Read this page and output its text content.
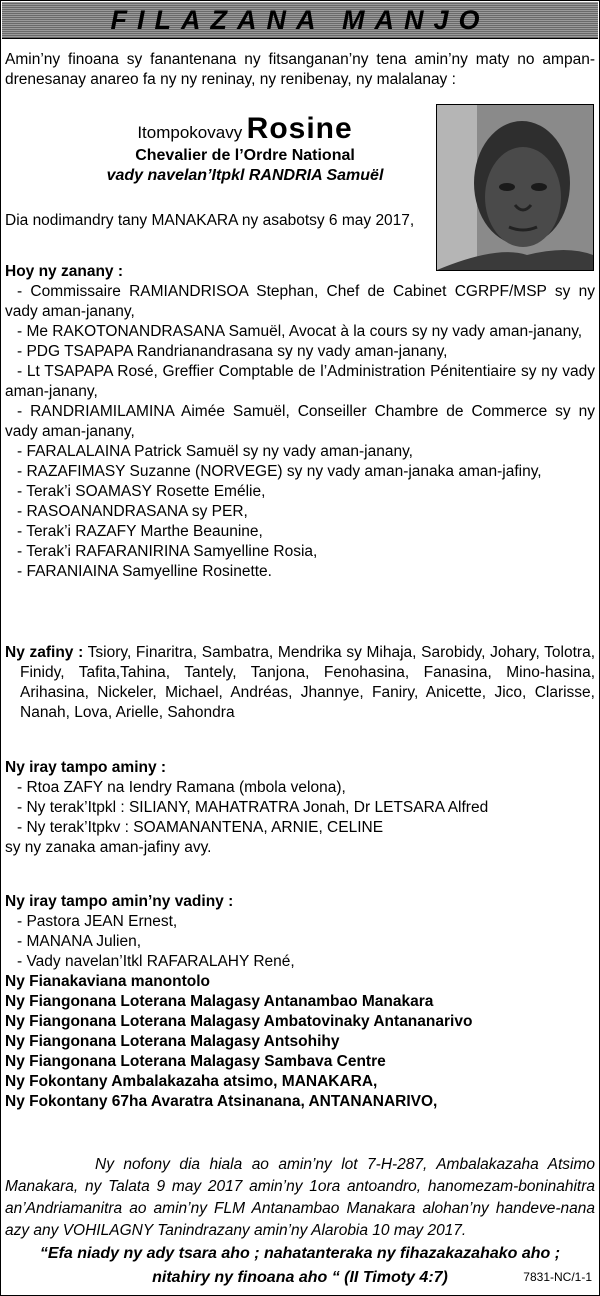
FILAZANA MANJO

Amin’ny finoana sy fanantenana ny fitsanganan’ny tena amin’ny maty no ampan-drenesanay anareo fa ny ny reninay, ny renibenay, ny malalanay :

Itompokovavy Rosine
Chevalier de l’Ordre National
vady navelan’Itpkl RANDRIA Samuël
Dia nodimandry tany MANAKARA ny asabotsy 6 may 2017,

Hoy ny zanany :

- Commissaire RAMIANDRISOA Stephan, Chef de Cabinet CGRPF/MSP sy ny vady aman-janany,

- Me RAKOTONANDRASANA Samuël, Avocat à la cours sy ny vady aman-janany,

- PDG TSAPAPA Randrianandrasana sy ny vady aman-janany,

- Lt TSAPAPA Rosé, Greffier Comptable de l’Administration Pénitentiaire sy ny vady aman-janany,

- RANDRIAMILAMINA Aimée Samuël, Conseiller Chambre de Commerce sy ny vady aman-janany,

- FARALALAINA Patrick Samuël sy ny vady aman-janany,

- RAZAFIMASY Suzanne (NORVEGE) sy ny vady aman-janaka aman-jafiny,

- Terak’i SOAMASY Rosette Emélie,

- RASOANANDRASANA sy PER,

- Terak’i RAZAFY Marthe Beaunine,

- Terak’i RAFARANIRINA Samyelline Rosia,

- FARANIAINA Samyelline Rosinette.

Ny zafiny : Tsiory, Finaritra, Sambatra, Mendrika sy Mihaja, Sarobidy, Johary, Tolotra, Finidy, Tafita,Tahina, Tantely, Tanjona, Fenohasina, Fanasina, Mino-hasina, Arihasina, Nickeler, Michael, Andréas, Jhannye, Faniry, Anicette, Jico, Clarisse, Nanah, Lova, Arielle, Sahondra

Ny iray tampo aminy :

- Rtoa ZAFY na Iendry Ramana (mbola velona),

- Ny terak’Itpkl : SILIANY, MAHATRATRA Jonah, Dr LETSARA Alfred

- Ny terak’Itpkv : SOAMANANTENA, ARNIE, CELINE

sy ny zanaka aman-jafiny avy.

Ny iray tampo amin’ny vadiny :

- Pastora JEAN Ernest,

- MANANA Julien,

- Vady navelan’Itkl RAFARALAHY René,

Ny Fianakaviana manontolo

Ny Fiangonana Loterana Malagasy Antanambao Manakara

Ny Fiangonana Loterana Malagasy Ambatovinaky Antananarivo

Ny Fiangonana Loterana Malagasy Antsohihy

Ny Fiangonana Loterana Malagasy Sambava Centre

Ny Fokontany Ambalakazaha atsimo, MANAKARA,

Ny Fokontany 67ha Avaratra Atsinanana, ANTANANARIVO,

Ny nofony dia hiala ao amin’ny lot 7-H-287, Ambalakazaha Atsimo Manakara, ny Talata 9 may 2017 amin’ny 1ora antoandro, hanomezam-boninahitra an’Andriamanitra ao amin’ny FLM Antanambao Manakara alohan’ny handeve-nana azy any VOHILAGNY Tanindrazany amin’ny Alarobia 10 may 2017.

“Efa niady ny ady tsara aho ; nahatanteraka ny fihazakazahako aho ;
nitahiry ny finoana aho “ (II Timoty 4:7)	7831-NC/1-1
